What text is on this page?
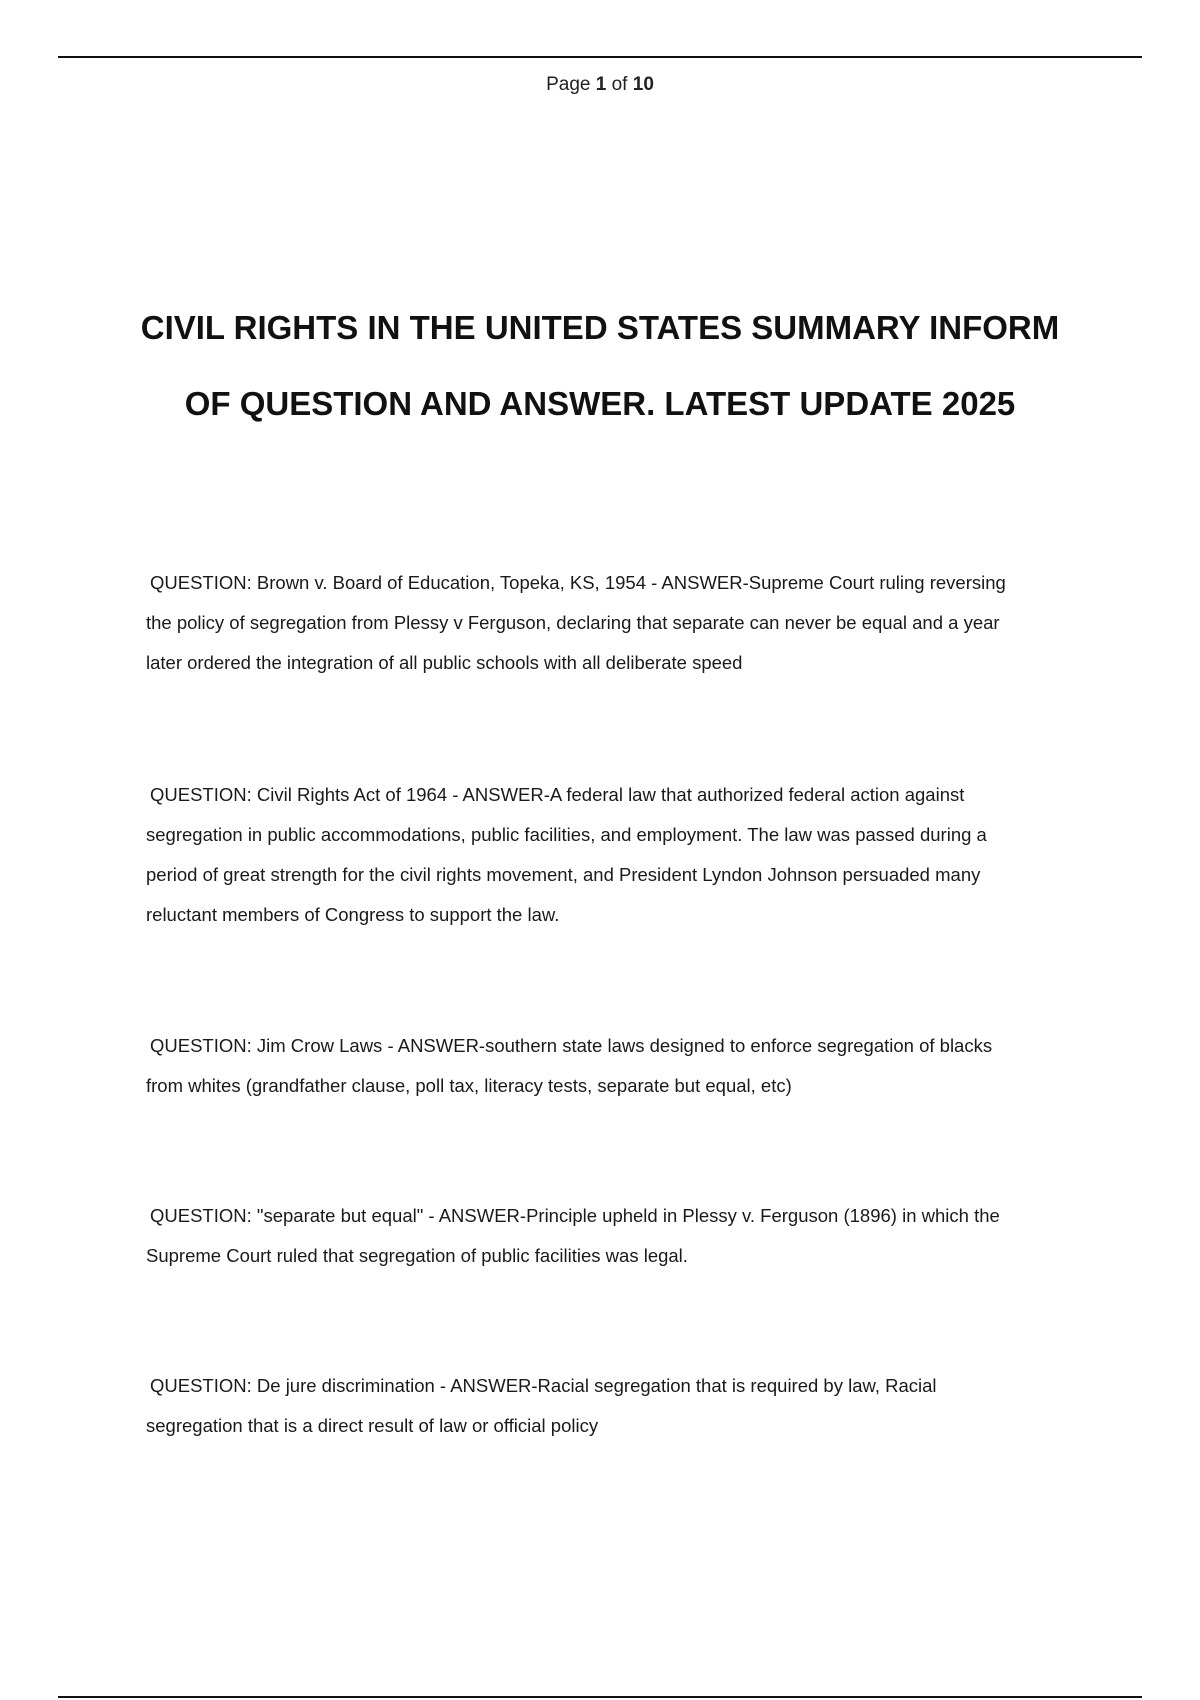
Page 1 of 10
CIVIL RIGHTS IN THE UNITED STATES SUMMARY INFORM
OF QUESTION AND ANSWER. LATEST UPDATE 2025

QUESTION: Brown v. Board of Education, Topeka, KS, 1954 - ANSWER-Supreme Court ruling reversing
the policy of segregation from Plessy v Ferguson, declaring that separate can never be equal and a year
later ordered the integration of all public schools with all deliberate speed

QUESTION: Civil Rights Act of 1964 - ANSWER-A federal law that authorized federal action against
segregation in public accommodations, public facilities, and employment. The law was passed during a
period of great strength for the civil rights movement, and President Lyndon Johnson persuaded many
reluctant members of Congress to support the law.

QUESTION: Jim Crow Laws - ANSWER-southern state laws designed to enforce segregation of blacks
from whites (grandfather clause, poll tax, literacy tests, separate but equal, etc)

QUESTION: "separate but equal" - ANSWER-Principle upheld in Plessy v. Ferguson (1896) in which the
Supreme Court ruled that segregation of public facilities was legal.

QUESTION: De jure discrimination - ANSWER-Racial segregation that is required by law, Racial
segregation that is a direct result of law or official policy
